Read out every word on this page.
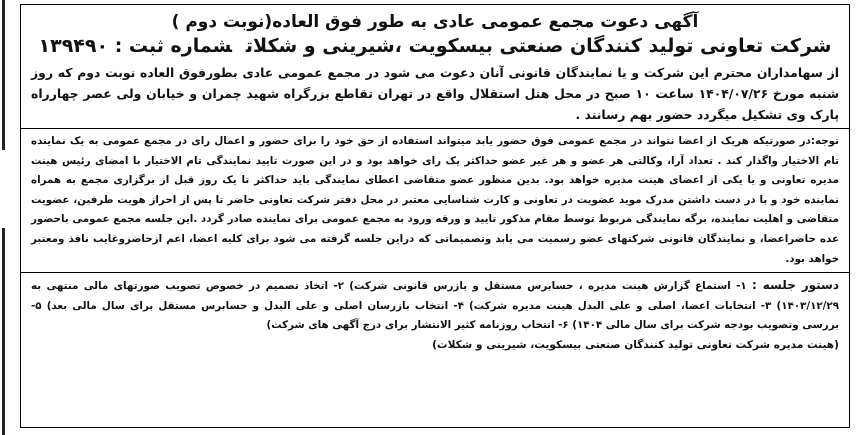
آگهی دعوت مجمع عمومی عادی به طور فوق العاده(نوبت دوم )

شرکت تعاونی تولید کنندگان صنعتی بیسکویت ،شیرینی و شکلاتشماره ثبت : ۱۳۹۴۹۰

از سهامداران محترم این شرکت و یا نمایندگان قانونی آنان دعوت می شود در مجمع عمومی عادی بطورفوق العاده نوبت دوم که روز شنبه مورخ ۱۴۰۴/۰۷/۲۶ ساعت ۱۰ صبح در محل هتل استقلال واقع در تهران تقاطع بزرگراه شهید چمران و خیابان ولی عصر چهارراه پارک وی تشکیل میگردد حضور بهم رسانند .

توجه:در صورتیکه هریک از اعضا نتواند در مجمع عمومی فوق حضور یابد میتواند استفاده از حق خود را برای حضور و اعمال رای در مجمع عمومی به یک نماینده تام الاختیار واگذار کند . تعداد آرا، وکالتی هر عضو و هر غیر عضو حداکثر یک رای خواهد بود و در این صورت تایید نمایندگی تام الاختیار با امضای رئیس هینت مدیره تعاونی و یا یکی از اعضای هینت مدیره خواهد بود. بدین منظور عضو متقاضی اعطای نمایندگی باید حداکثر تا یک روز قبل از برگزاری مجمع به همراه نماینده خود و با در دست داشتن مدرک موید عضویت در تعاونی و کارت شناسایی معتبر در محل دفتر شرکت تعاونی حاضر تا پس از احراز هویت طرفین، عضویت متقاضی و اهلیت نماینده، برگه نمایندگی مربوط توسط مقام مذکور تایید و ورقه ورود به مجمع عمومی برای نماینده صادر گردد .این جلسه مجمع عمومی باحضور عده حاضراعضا، و نمایندگان قانونی شرکتهای عضو رسمیت می یابد وتصمیماتی که دراین جلسه گرفته می شود برای کلیه اعضا، اعم ازحاضروغایب نافذ ومعتبر خواهد بود.

دستور جلسه : ۱- استماع گزارش هینت مدیره ، حسابرس مستقل و بازرس قانونی شرکت) ۲- اتخاذ تصمیم در خصوص تصویب صورتهای مالی منتهی به ۱۴۰۳/۱۲/۲۹) ۳- انتخابات اعضا، اصلی و علی البدل هینت مدیره شرکت) ۴- انتخاب بازرسان اصلی و علی البدل و حسابرس مستقل برای سال مالی بعد) ۵- بررسی وتصویب بودجه شرکت برای سال مالی ۱۴۰۴) ۶- انتخاب روزنامه کثیر الانتشار برای درج آگهی های شرکت)

(هینت مدیره شرکت تعاونی تولید کنندگان صنعتی بیسکویت، شیرینی و شکلات)
